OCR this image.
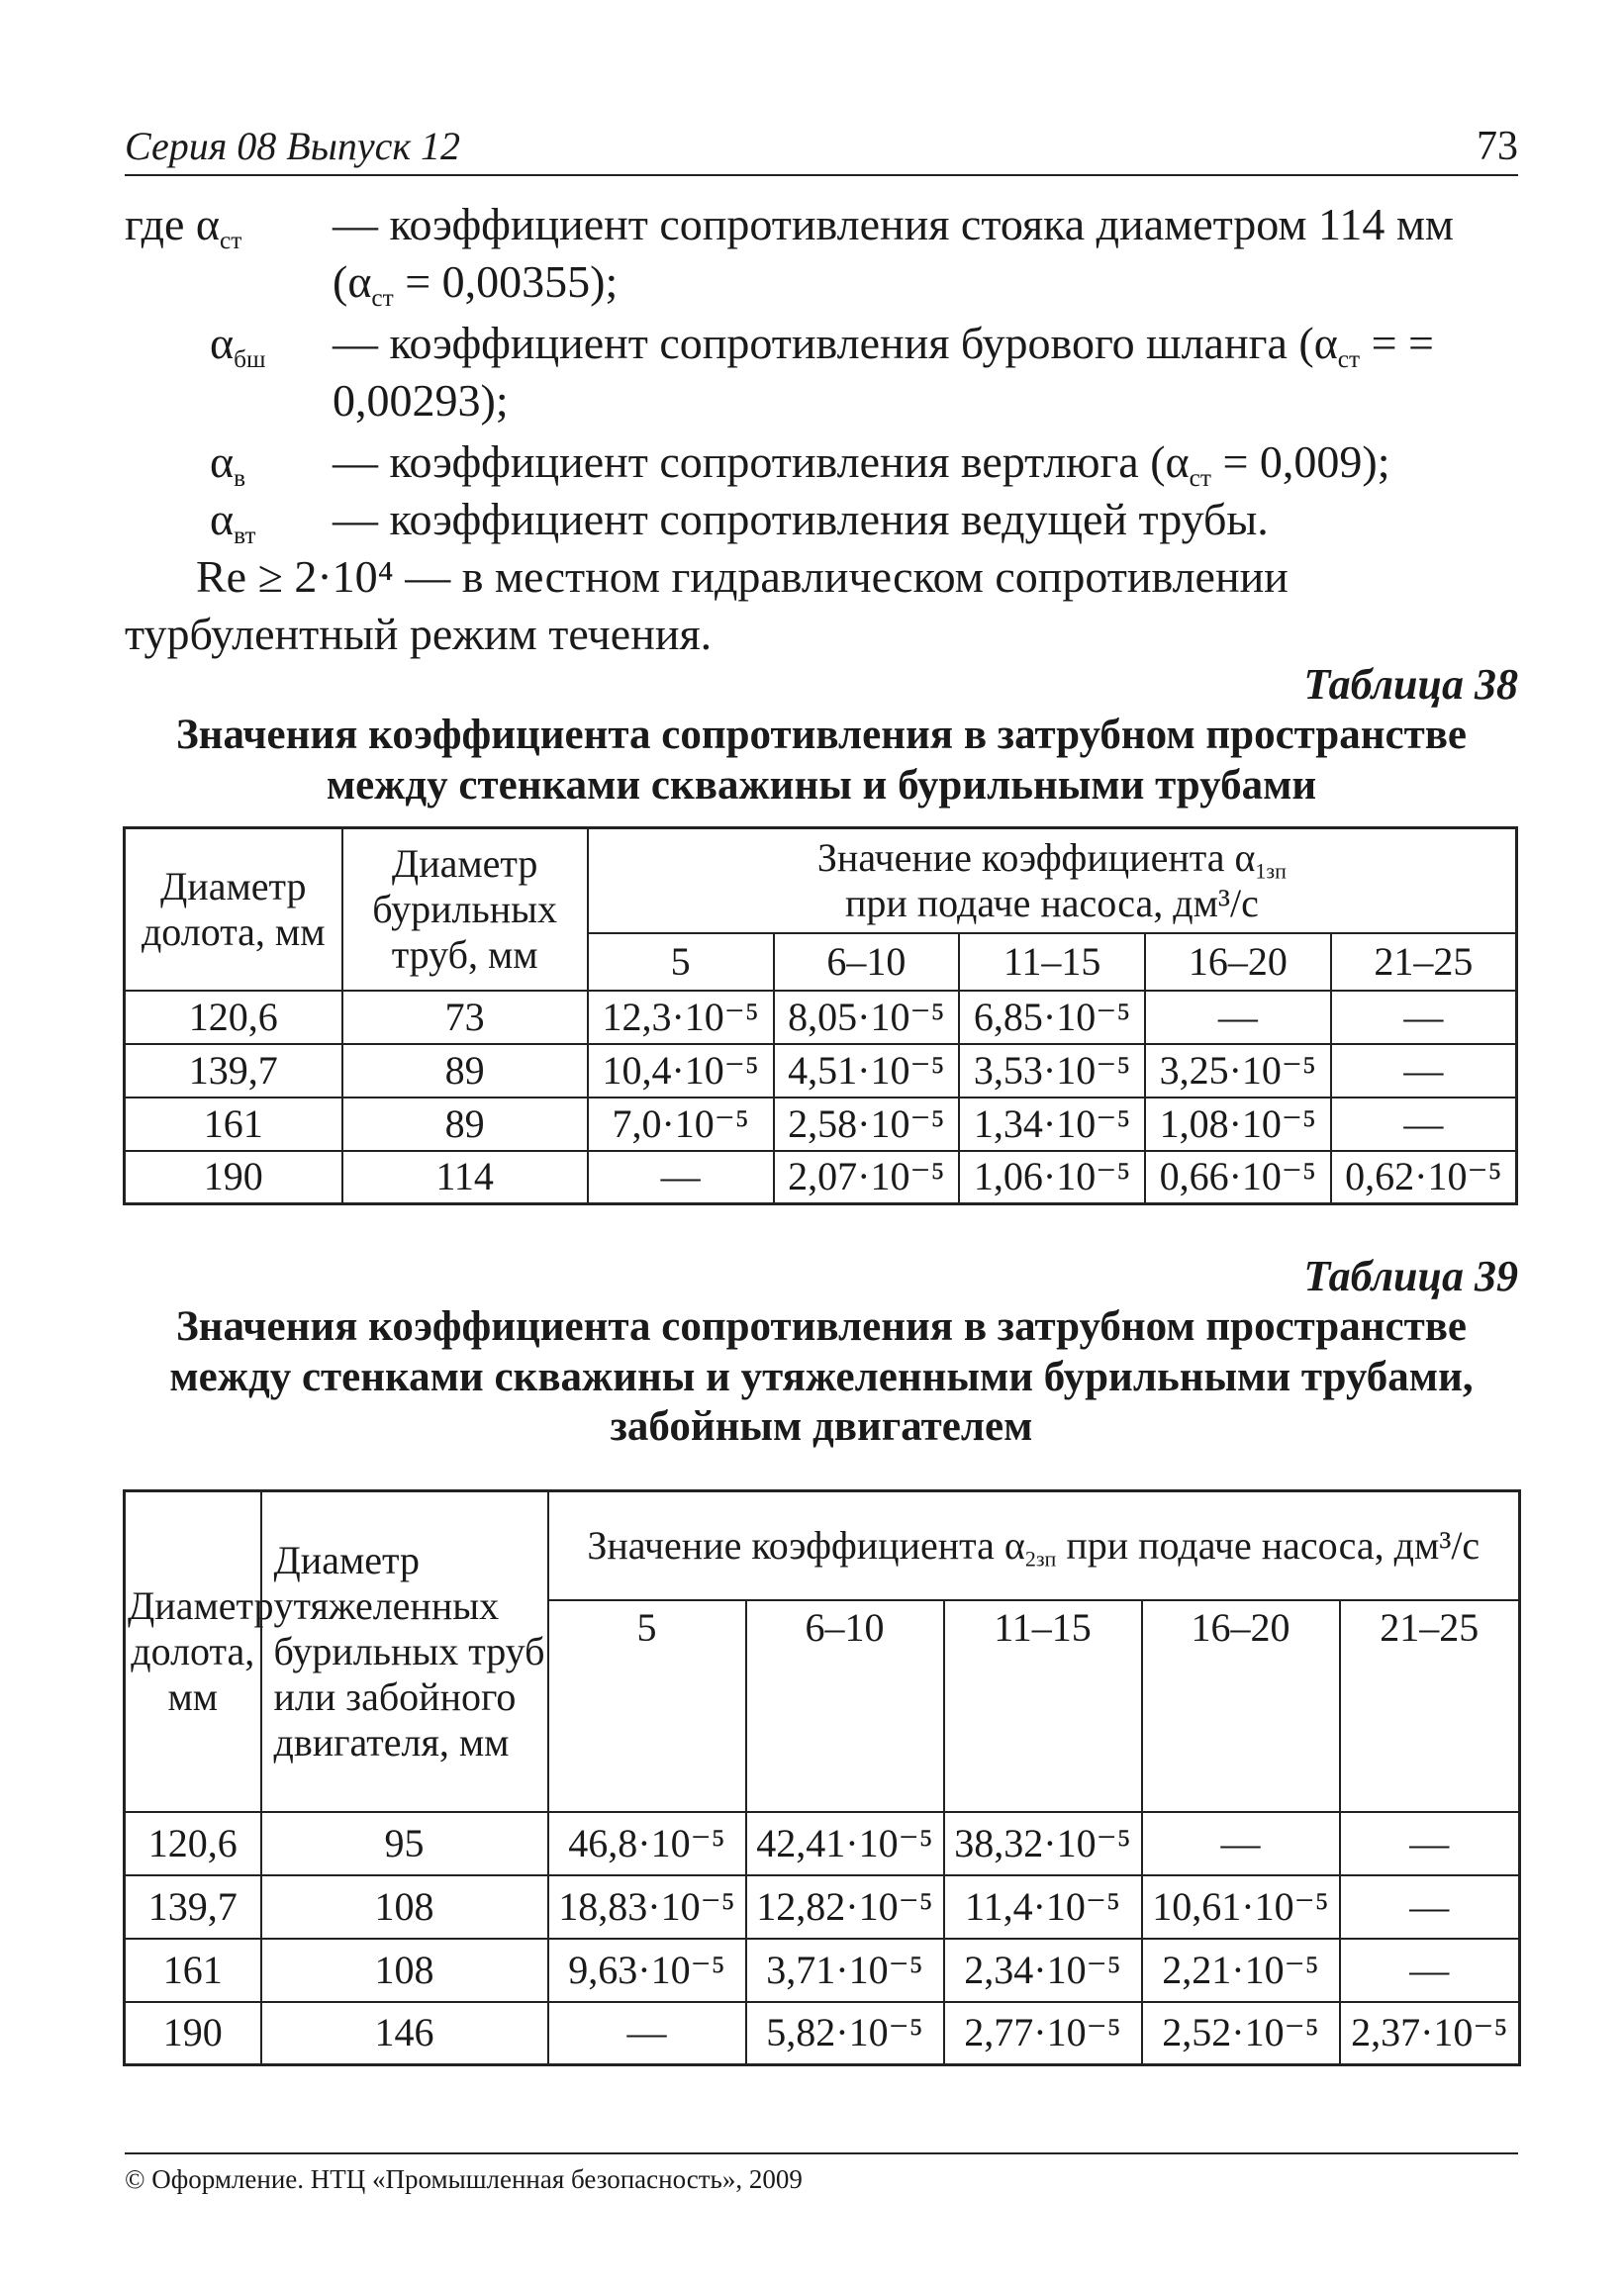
Серия 08 Выпуск 12	73
где $\alpha_{ст}$ — коэффициент сопротивления стояка диаметром 114 мм $(\alpha_{ст} = 0,00355)$;
$\alpha_{бш}$ — коэффициент сопротивления бурового шланга ($\alpha_{ст}$ = = 0,00293);
$\alpha_в$ — коэффициент сопротивления вертлюга $(\alpha_{ст} = 0,009)$;
$\alpha_{вт}$ — коэффициент сопротивления ведущей трубы.
Re ≥ 2·10⁴ — в местном гидравлическом сопротивлении турбулентный режим течения.
Таблица 38
Значения коэффициента сопротивления в затрубном пространстве между стенками скважины и бурильными трубами
Диаметр долота, мм	Диаметр бурильных труб, мм	Значение коэффициента $\alpha_{1зп}$
при подаче насоса, дм³/с				
		5	6–10	11–15	16–20	21–25
120,6	73	12,3·10⁻⁵	8,05·10⁻⁵	6,85·10⁻⁵	—	—
139,7	89	10,4·10⁻⁵	4,51·10⁻⁵	3,53·10⁻⁵	3,25·10⁻⁵	—
161	89	7,0·10⁻⁵	2,58·10⁻⁵	1,34·10⁻⁵	1,08·10⁻⁵	—
190	114	—	2,07·10⁻⁵	1,06·10⁻⁵	0,66·10⁻⁵	0,62·10⁻⁵
Таблица 39
Значения коэффициента сопротивления в затрубном пространстве между стенками скважины и утяжеленными бурильными трубами, забойным двигателем
Диаметр долота, мм	Диаметр утяжеленных бурильных труб или забойного двигателя, мм	Значение коэффициента $\alpha_{2зп}$ при подаче насоса, дм³/с				
		5	6–10	11–15	16–20	21–25
120,6	95	46,8·10⁻⁵	42,41·10⁻⁵	38,32·10⁻⁵	—	—
139,7	108	18,83·10⁻⁵	12,82·10⁻⁵	11,4·10⁻⁵	10,61·10⁻⁵	—
161	108	9,63·10⁻⁵	3,71·10⁻⁵	2,34·10⁻⁵	2,21·10⁻⁵	—
190	146	—	5,82·10⁻⁵	2,77·10⁻⁵	2,52·10⁻⁵	2,37·10⁻⁵
© Оформление. НТЦ «Промышленная безопасность», 2009
